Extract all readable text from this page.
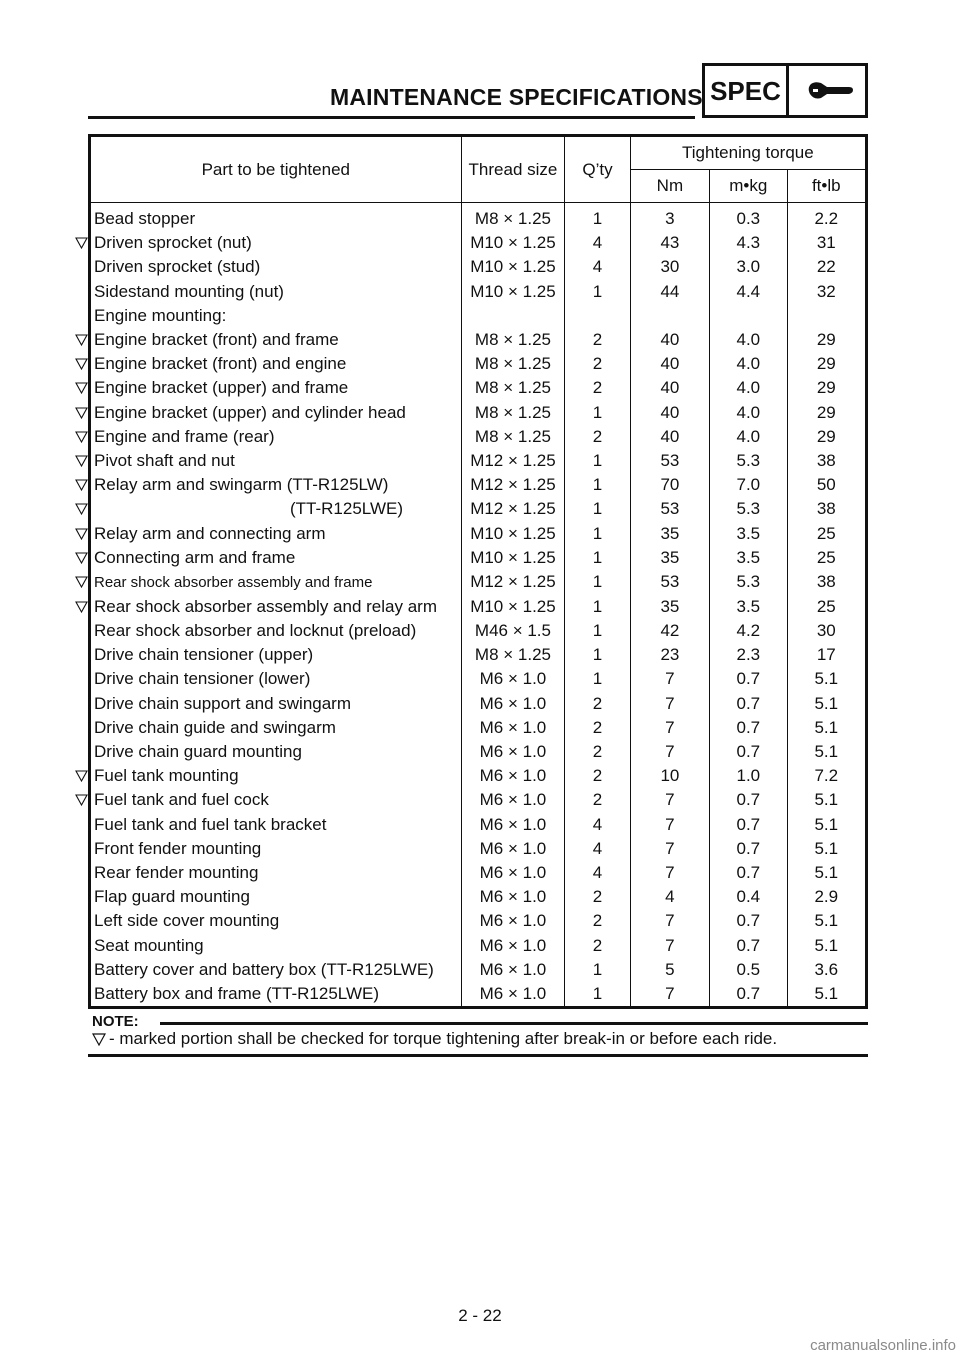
MAINTENANCE SPECIFICATIONS SPEC
Part to be tightened	Thread size	Q’ty	Tightening torque		
			Nm	m•kg	ft•lb
Bead stopper	M8 × 1.25	1	3	0.3	2.2
Driven sprocket (nut)	M10 × 1.25	4	43	4.3	31
Driven sprocket (stud)	M10 × 1.25	4	30	3.0	22
Sidestand mounting (nut)	M10 × 1.25	1	44	4.4	32
Engine mounting:					
Engine bracket (front) and frame	M8 × 1.25	2	40	4.0	29
Engine bracket (front) and engine	M8 × 1.25	2	40	4.0	29
Engine bracket (upper) and frame	M8 × 1.25	2	40	4.0	29
Engine bracket (upper) and cylinder head	M8 × 1.25	1	40	4.0	29
Engine and frame (rear)	M8 × 1.25	2	40	4.0	29
Pivot shaft and nut	M12 × 1.25	1	53	5.3	38
Relay arm and swingarm (TT-R125LW)	M12 × 1.25	1	70	7.0	50
(TT-R125LWE)	M12 × 1.25	1	53	5.3	38
Relay arm and connecting arm	M10 × 1.25	1	35	3.5	25
Connecting arm and frame	M10 × 1.25	1	35	3.5	25
Rear shock absorber assembly and frame	M12 × 1.25	1	53	5.3	38
Rear shock absorber assembly and relay arm	M10 × 1.25	1	35	3.5	25
Rear shock absorber and locknut (preload)	M46 × 1.5	1	42	4.2	30
Drive chain tensioner (upper)	M8 × 1.25	1	23	2.3	17
Drive chain tensioner (lower)	M6 × 1.0	1	7	0.7	5.1
Drive chain support and swingarm	M6 × 1.0	2	7	0.7	5.1
Drive chain guide and swingarm	M6 × 1.0	2	7	0.7	5.1
Drive chain guard mounting	M6 × 1.0	2	7	0.7	5.1
Fuel tank mounting	M6 × 1.0	2	10	1.0	7.2
Fuel tank and fuel cock	M6 × 1.0	2	7	0.7	5.1
Fuel tank and fuel tank bracket	M6 × 1.0	4	7	0.7	5.1
Front fender mounting	M6 × 1.0	4	7	0.7	5.1
Rear fender mounting	M6 × 1.0	4	7	0.7	5.1
Flap guard mounting	M6 × 1.0	2	4	0.4	2.9
Left side cover mounting	M6 × 1.0	2	7	0.7	5.1
Seat mounting	M6 × 1.0	2	7	0.7	5.1
Battery cover and battery box (TT-R125LWE)	M6 × 1.0	1	5	0.5	3.6
Battery box and frame (TT-R125LWE)	M6 × 1.0	1	7	0.7	5.1
NOTE:
- marked portion shall be checked for torque tightening after break-in or before each ride.
2 - 22
carmanualsonline.info
